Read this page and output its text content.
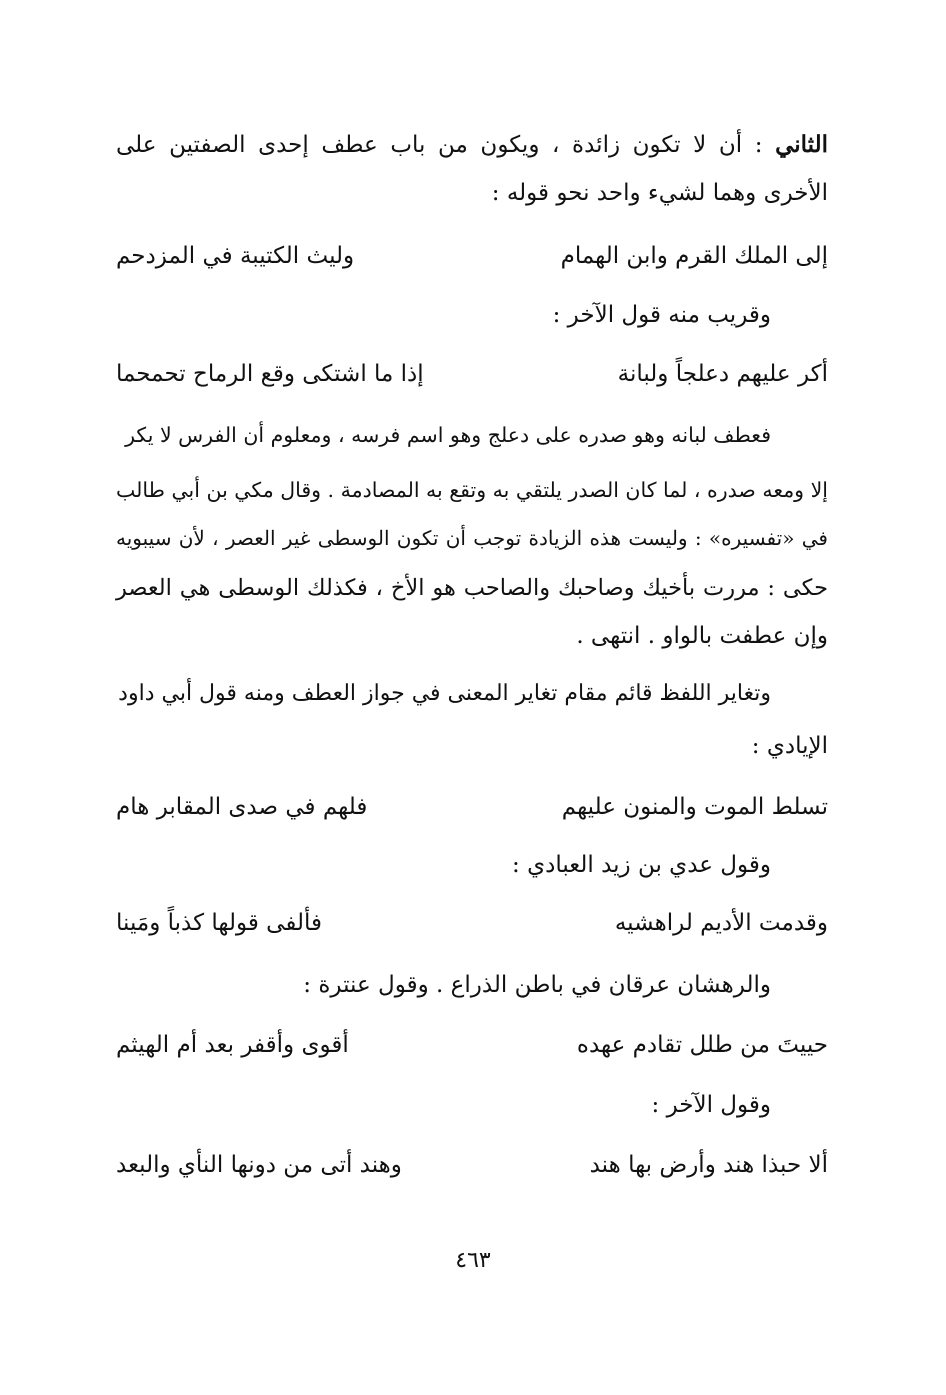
الثاني : أن لا تكون زائدة ، ويكون من باب عطف إحدى الصفتين على
الأخرى وهما لشيء واحد نحو قوله :
إلى الملك القرم وابن الهمام
وليث الكتيبة في المزدحم
وقريب منه قول الآخر :
أكر عليهم دعلجاً ولبانة
إذا ما اشتكى وقع الرماح تحمحما
فعطف لبانه وهو صدره على دعلج وهو اسم فرسه ، ومعلوم أن الفرس لا يكر
إلا ومعه صدره ، لما كان الصدر يلتقي به وتقع به المصادمة . وقال مكي بن أبي طالب
في «تفسيره» : وليست هذه الزيادة توجب أن تكون الوسطى غير العصر ، لأن سيبويه
حكى : مررت بأخيك وصاحبك والصاحب هو الأخ ، فكذلك الوسطى هي العصر
وإن عطفت بالواو . انتهى .
وتغاير اللفظ قائم مقام تغاير المعنى في جواز العطف ومنه قول أبي داود
الإيادي :
تسلط الموت والمنون عليهم
فلهم في صدى المقابر هام
وقول عدي بن زيد العبادي :
وقدمت الأديم لراهشيه
فألفى قولها كذباً ومَينا
والرهشان عرقان في باطن الذراع . وقول عنترة :
حييتَ من طلل تقادم عهده
أقوى وأقفر بعد أم الهيثم
وقول الآخر :
ألا حبذا هند وأرض بها هند
وهند أتى من دونها النأي والبعد
٤٦٣
